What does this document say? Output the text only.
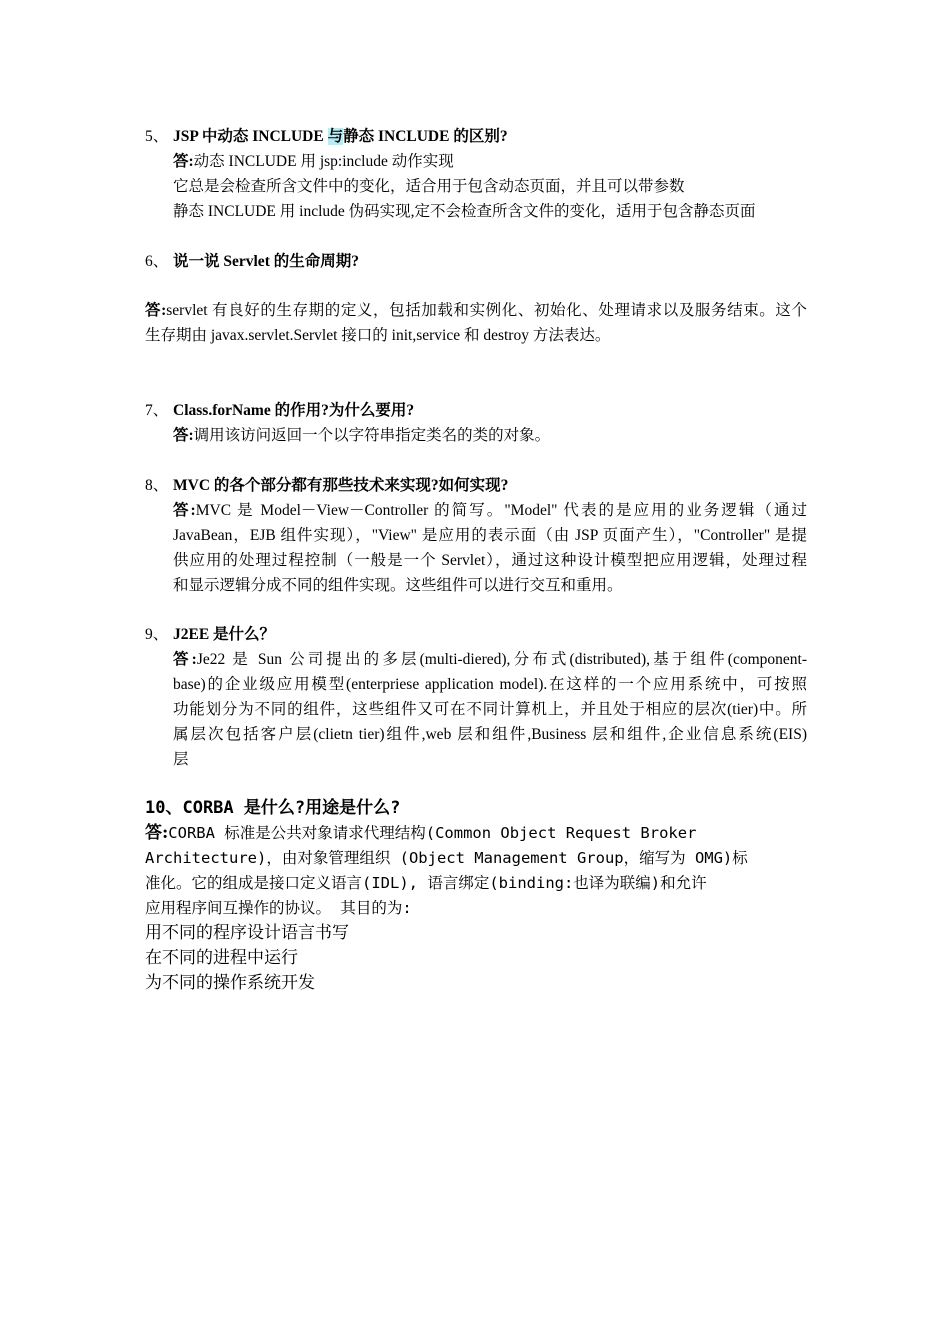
5、 JSP 中动态 INCLUDE 与静态 INCLUDE 的区别?
答:动态 INCLUDE 用 jsp:include 动作实现
它总是会检查所含文件中的变化，适合用于包含动态页面，并且可以带参数
静态 INCLUDE 用 include 伪码实现,定不会检查所含文件的变化，适用于包含静态页面
6、 说一说 Servlet 的生命周期?
答:servlet 有良好的生存期的定义，包括加载和实例化、初始化、处理请求以及服务结束。这个
生存期由 javax.servlet.Servlet 接口的 init,service 和 destroy 方法表达。
7、 Class.forName 的作用?为什么要用?
答:调用该访问返回一个以字符串指定类名的类的对象。
8、 MVC 的各个部分都有那些技术来实现?如何实现?
答:MVC 是 Model－View－Controller 的简写。"Model" 代表的是应用的业务逻辑（通过
JavaBean，EJB 组件实现），"View" 是应用的表示面（由 JSP 页面产生），"Controller" 是提
供应用的处理过程控制（一般是一个 Servlet），通过这种设计模型把应用逻辑，处理过程
和显示逻辑分成不同的组件实现。这些组件可以进行交互和重用。
9、 J2EE 是什么？
答:Je22 是 Sun 公司提出的多层(multi-diered),分布式(distributed),基于组件(component-
base)的企业级应用模型(enterpriese application model).在这样的一个应用系统中，可按照
功能划分为不同的组件，这些组件又可在不同计算机上，并且处于相应的层次(tier)中。所
属层次包括客户层(clietn tier)组件,web 层和组件,Business 层和组件,企业信息系统(EIS)
层
10、CORBA 是什么?用途是什么?
答:CORBA 标准是公共对象请求代理结构(Common Object Request Broker
Architecture)，由对象管理组织 (Object Management Group，缩写为 OMG)标
准化。它的组成是接口定义语言(IDL), 语言绑定(binding:也译为联编)和允许
应用程序间互操作的协议。 其目的为:
用不同的程序设计语言书写
在不同的进程中运行
为不同的操作系统开发
